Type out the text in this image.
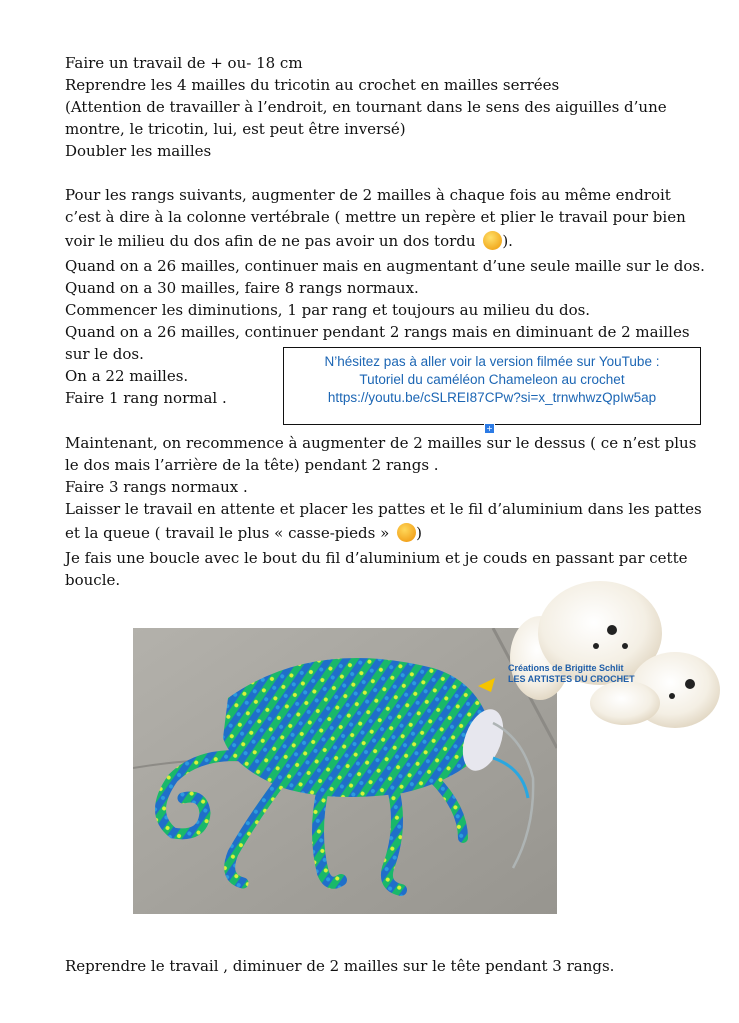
Faire un travail de + ou- 18 cm
Reprendre les 4 mailles du tricotin au crochet en mailles serrées
(Attention de travailler à l’endroit, en tournant dans le sens des aiguilles d’une
montre, le tricotin, lui, est peut être inversé)
Doubler les mailles
Pour les rangs suivants, augmenter de 2 mailles à chaque fois au même endroit
c’est à dire à la colonne vertébrale ( mettre un repère et plier le travail pour bien
voir le milieu du dos afin de ne pas avoir un dos tordu ).
Quand on a 26 mailles, continuer mais en augmentant d’une seule maille sur le dos.
Quand on a 30 mailles, faire 8 rangs normaux.
Commencer les diminutions, 1 par rang et toujours au milieu du dos.
Quand on a 26 mailles, continuer pendant 2 rangs mais en diminuant de 2 mailles
sur le dos.
On a 22 mailles.
Faire 1 rang normal .
N’hésitez pas à aller voir la version filmée sur YouTube :
Tutoriel du caméléon Chameleon au crochet
https://youtu.be/cSLREI87CPw?si=x_trnwhwzQpIw5ap
+
Maintenant, on recommence à augmenter de 2 mailles sur le dessus ( ce n’est plus
le dos mais l’arrière de la tête) pendant 2 rangs .
Faire 3 rangs normaux .
Laisser le travail en attente et placer les pattes et le fil d’aluminium dans les pattes
et la queue ( travail le plus « casse-pieds » )
Je fais une boucle avec le bout du fil d’aluminium et je couds en passant par cette
boucle.
Créations de Brigitte Schlit
LES ARTISTES DU CROCHET
Reprendre le travail , diminuer de 2 mailles sur le tête pendant 3 rangs.
